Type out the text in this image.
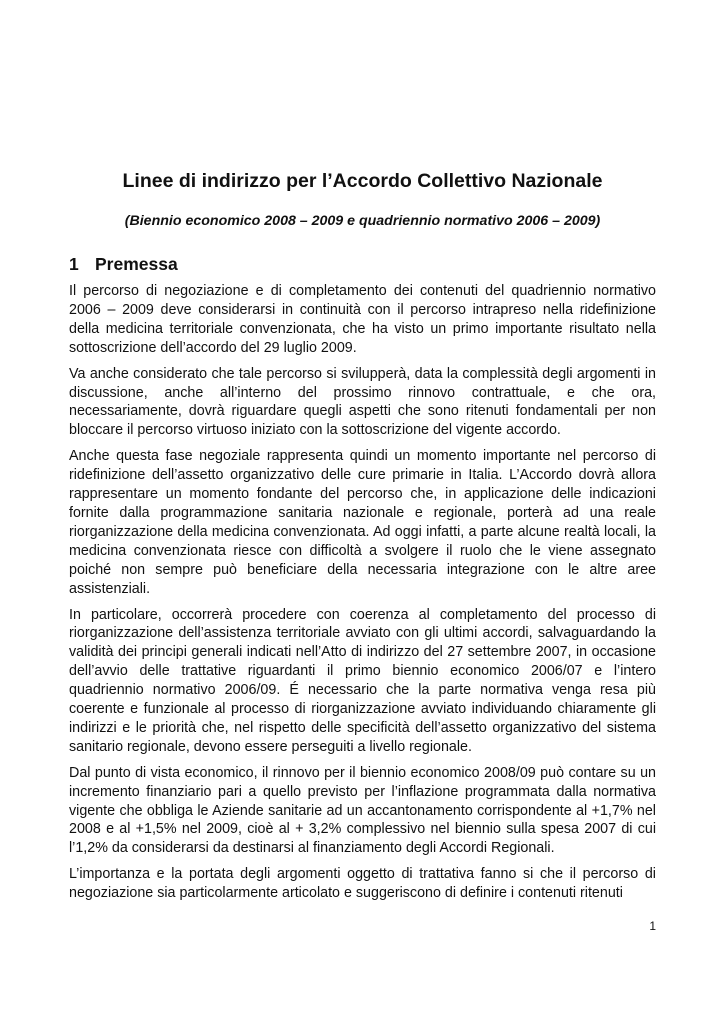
Linee di indirizzo per l’Accordo Collettivo Nazionale

(Biennio economico 2008 – 2009 e quadriennio normativo 2006 – 2009)

1 Premessa

Il percorso di negoziazione e di completamento dei contenuti del quadriennio normativo 2006 – 2009 deve considerarsi in continuità con il percorso intrapreso nella ridefinizione della medicina territoriale convenzionata, che ha visto un primo importante risultato nella sottoscrizione dell’accordo del 29 luglio 2009.

Va anche considerato che tale percorso si svilupperà, data la complessità degli argomenti in discussione, anche all’interno del prossimo rinnovo contrattuale, e che ora, necessariamente, dovrà riguardare quegli aspetti che sono ritenuti fondamentali per non bloccare il percorso virtuoso iniziato con la sottoscrizione del vigente accordo.

Anche questa fase negoziale rappresenta quindi un momento importante nel percorso di ridefinizione dell’assetto organizzativo delle cure primarie in Italia. L’Accordo dovrà allora rappresentare un momento fondante del percorso che, in applicazione delle indicazioni fornite dalla programmazione sanitaria nazionale e regionale, porterà ad una reale riorganizzazione della medicina convenzionata. Ad oggi infatti, a parte alcune realtà locali, la medicina convenzionata riesce con difficoltà a svolgere il ruolo che le viene assegnato poiché non sempre può beneficiare della necessaria integrazione con le altre aree assistenziali.

In particolare, occorrerà procedere con coerenza al completamento del processo di riorganizzazione dell’assistenza territoriale avviato con gli ultimi accordi, salvaguardando la validità dei principi generali indicati nell’Atto di indirizzo del 27 settembre 2007, in occasione dell’avvio delle trattative riguardanti il primo biennio economico 2006/07 e l’intero quadriennio normativo 2006/09. É necessario che la parte normativa venga resa più coerente e funzionale al processo di riorganizzazione avviato individuando chiaramente gli indirizzi e le priorità che, nel rispetto delle specificità dell’assetto organizzativo del sistema sanitario regionale, devono essere perseguiti a livello regionale.

Dal punto di vista economico, il rinnovo per il biennio economico 2008/09 può contare su un incremento finanziario pari a quello previsto per l’inflazione programmata dalla normativa vigente che obbliga le Aziende sanitarie ad un accantonamento corrispondente al +1,7% nel 2008 e al +1,5% nel 2009, cioè al + 3,2% complessivo nel biennio sulla spesa 2007 di cui l’1,2% da considerarsi da destinarsi al finanziamento degli Accordi Regionali.

L’importanza e la portata degli argomenti oggetto di trattativa fanno si che il percorso di negoziazione sia particolarmente articolato e suggeriscono di definire i contenuti ritenuti

1
